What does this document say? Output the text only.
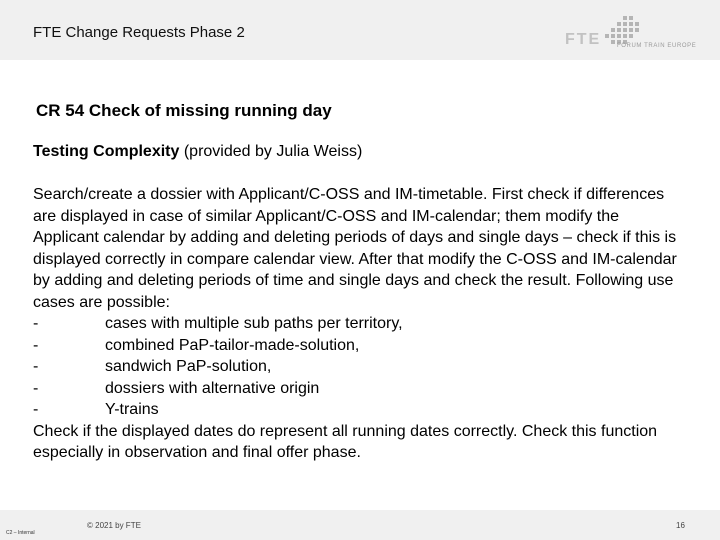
FTE Change Requests Phase 2	FTE	FORUM TRAIN EUROPE
CR 54 Check of missing running day
Testing Complexity (provided by Julia Weiss)

Search/create a dossier with Applicant/C-OSS and IM-timetable. First check if differences are displayed in case of similar Applicant/C-OSS and IM-calendar; them modify the Applicant calendar by adding and deleting periods of days and single days – check if this is displayed correctly in compare calendar view. After that modify the C-OSS and IM-calendar by adding and deleting periods of time and single days and check the result. Following use cases are possible:

-	cases with multiple sub paths per territory,
-	combined PaP-tailor-made-solution,
-	sandwich PaP-solution,
-	dossiers with alternative origin
-	Y-trains

Check if the displayed dates do represent all running dates correctly. Check this function especially in observation and final offer phase.

C2 – Internal
© 2021 by FTE	16
